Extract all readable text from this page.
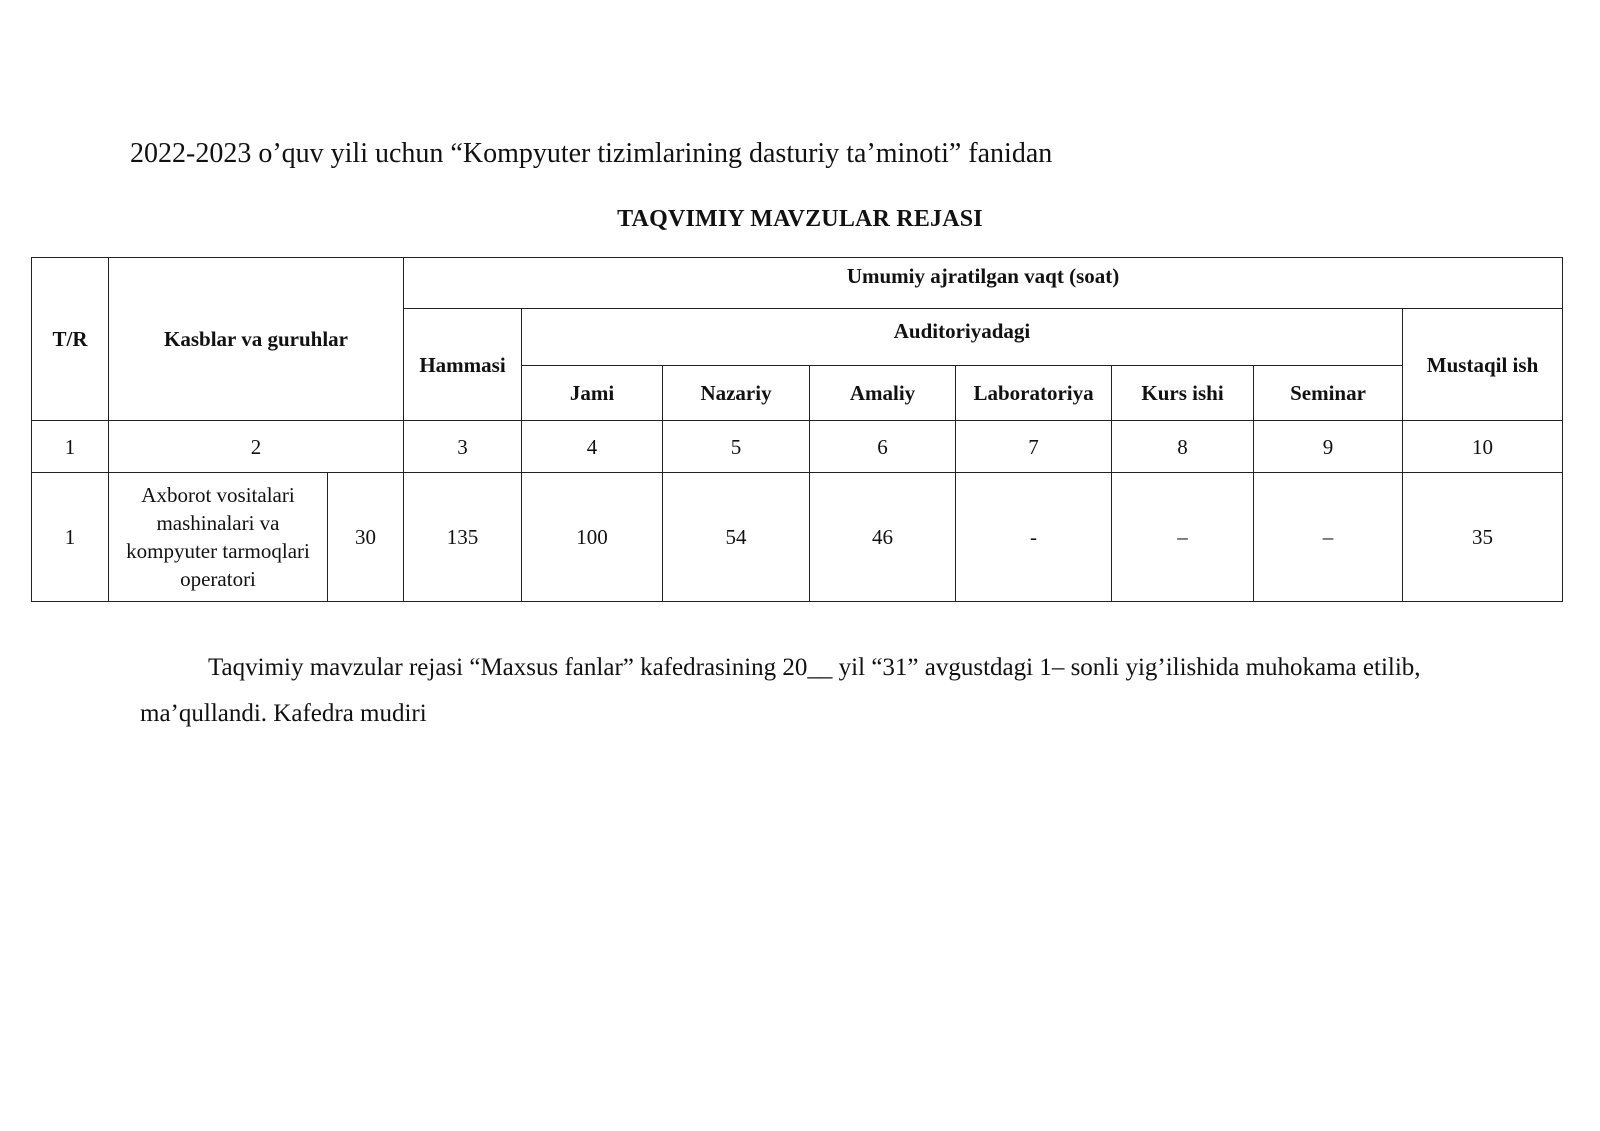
2022-2023 o’quv yili uchun “Kompyuter tizimlarining dasturiy ta’minoti” fanidan
TAQVIMIY MAVZULAR REJASI
T/R	Kasblar va guruhlar		Umumiy ajratilgan vaqt (soat)							
			Hammasi	Auditoriyadagi						Mustaqil ish
				Jami	Nazariy	Amaliy	Laboratoriya	Kurs ishi	Seminar	
1	2		3	4	5	6	7	8	9	10
1	Axborot vositalari mashinalari va kompyuter tarmoqlari operatori	30	135	100	54	46	-	–	–	35
Taqvimiy mavzular rejasi “Maxsus fanlar” kafedrasining 20__ yil “31” avgustdagi 1– sonli yig’ilishida muhokama etilib, ma’qullandi. Kafedra mudiri
